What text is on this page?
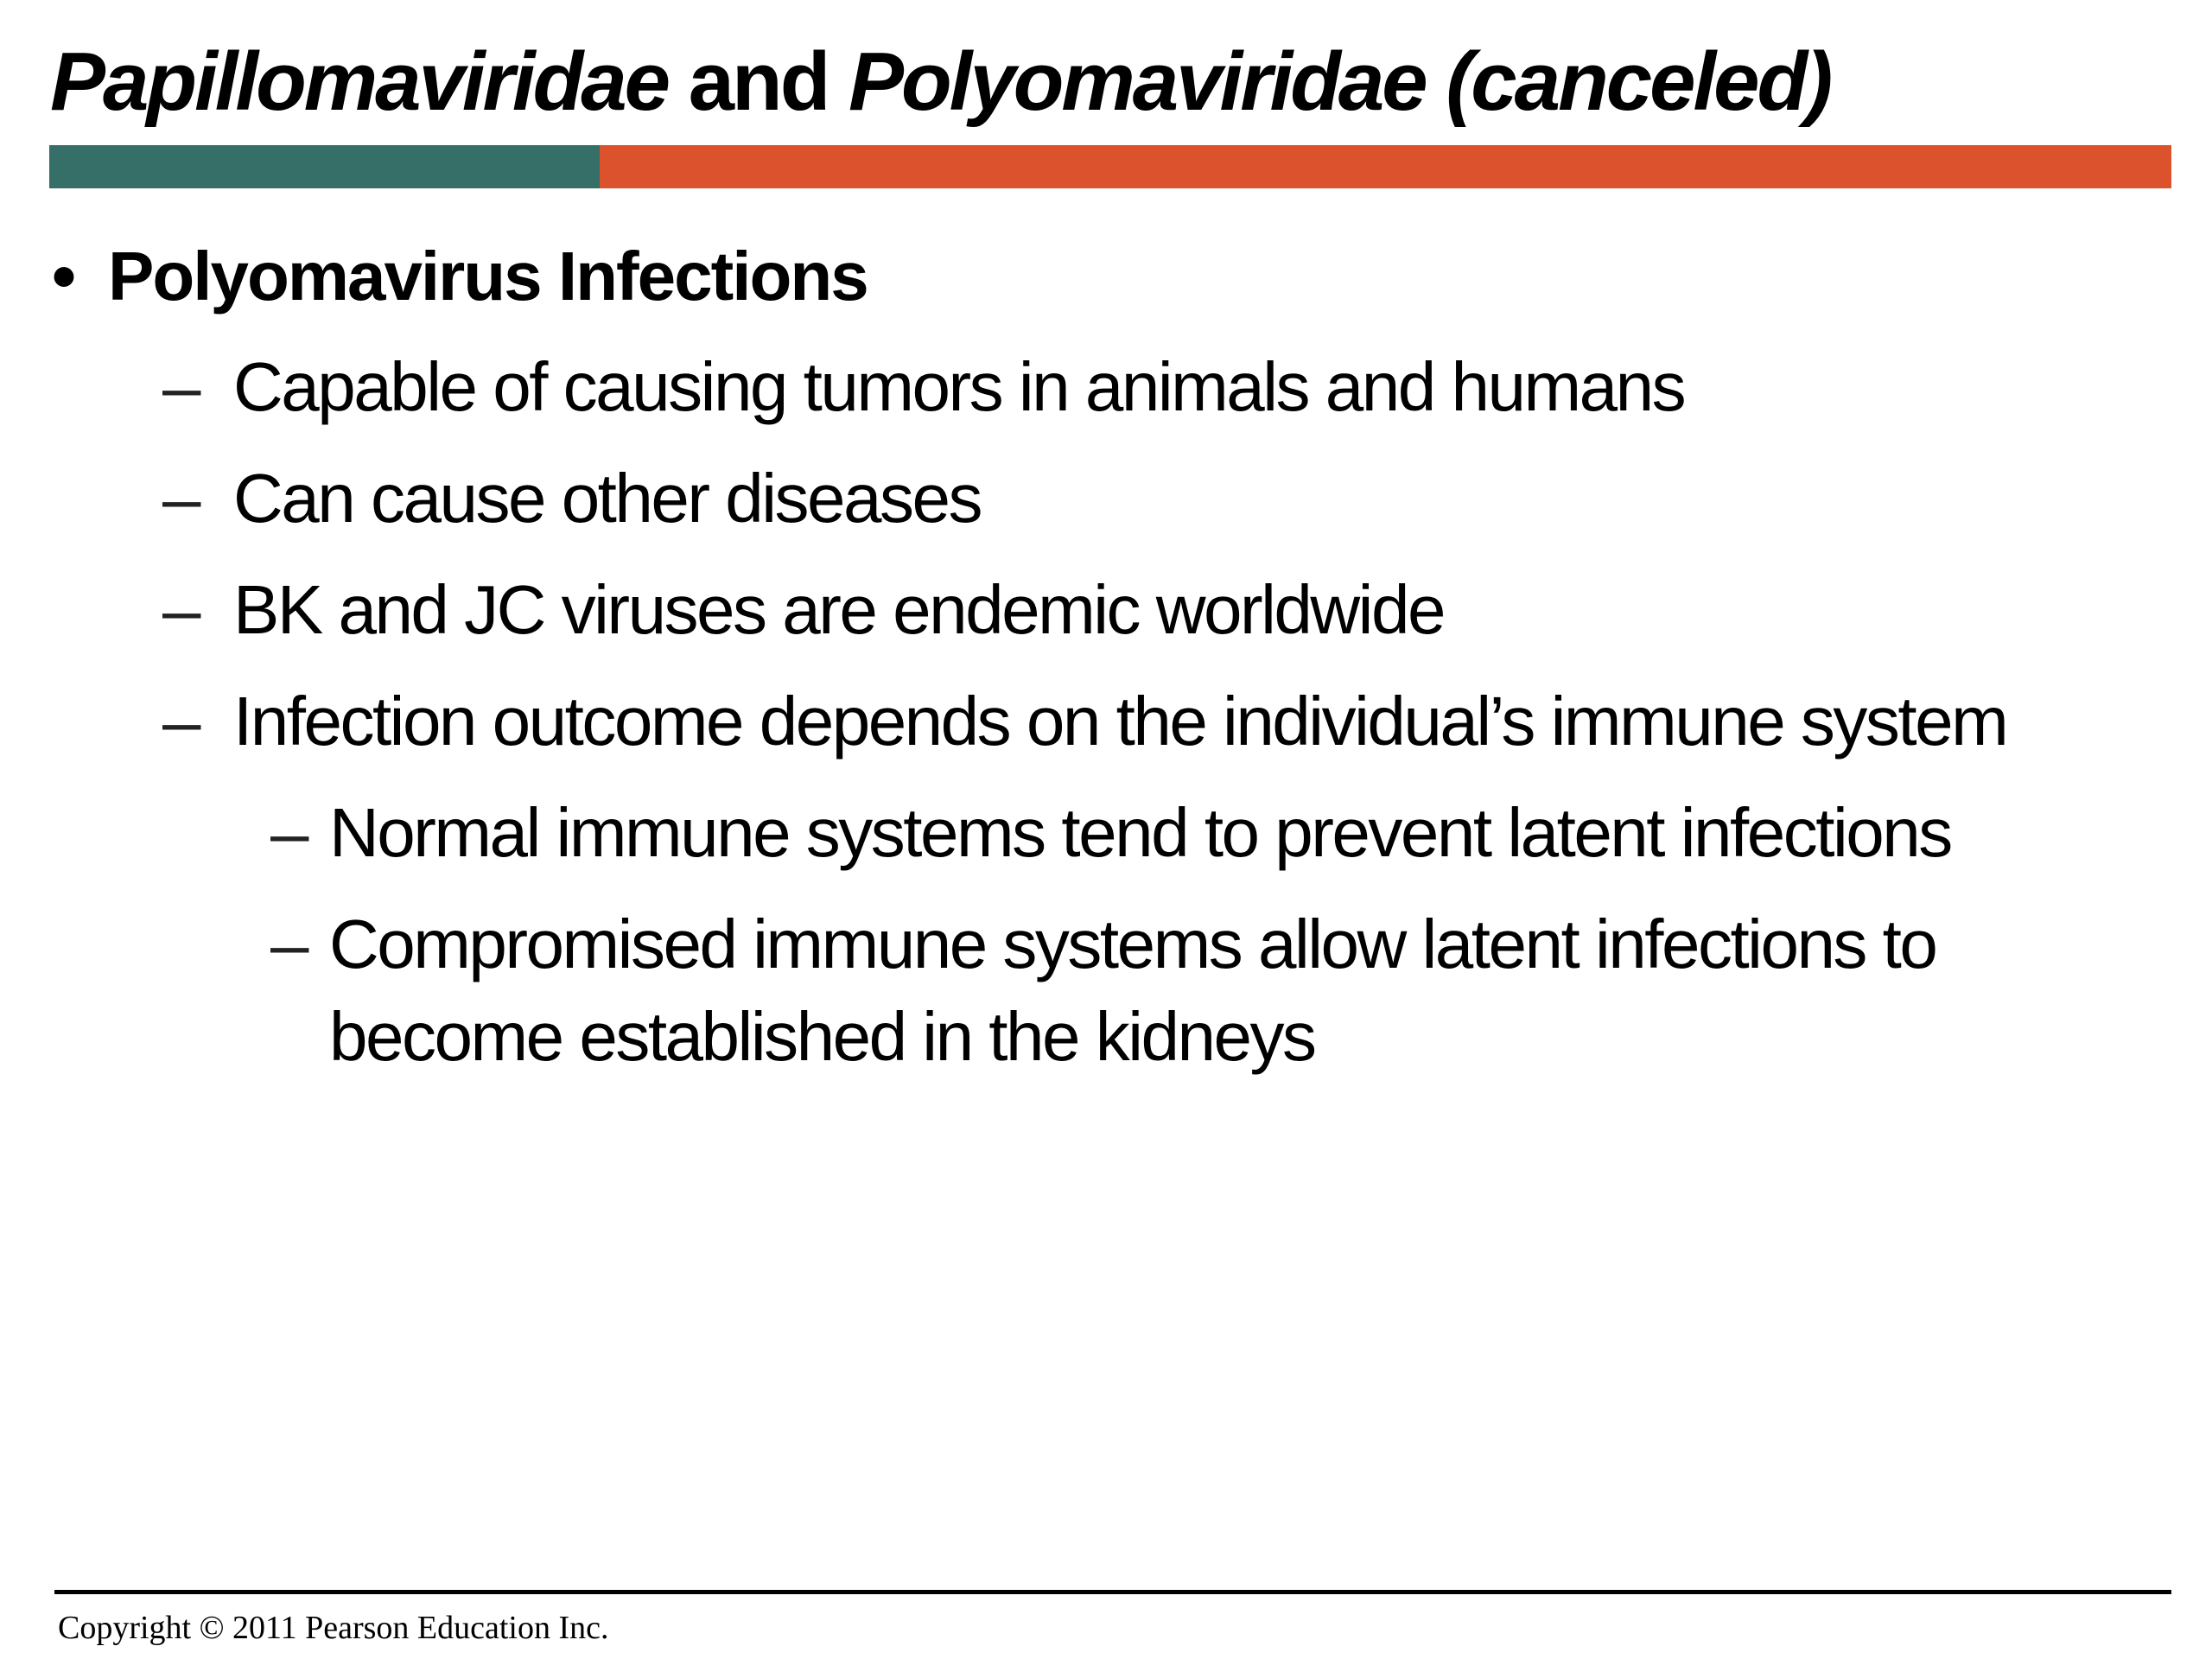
Papillomaviridae and Polyomaviridae (canceled)
• Polyomavirus Infections
– Capable of causing tumors in animals and humans
– Can cause other diseases
– BK and JC viruses are endemic worldwide
– Infection outcome depends on the individual’s immune system
– Normal immune systems tend to prevent latent infections
– Compromised immune systems allow latent infections to
become established in the kidneys
Copyright © 2011 Pearson Education Inc.
